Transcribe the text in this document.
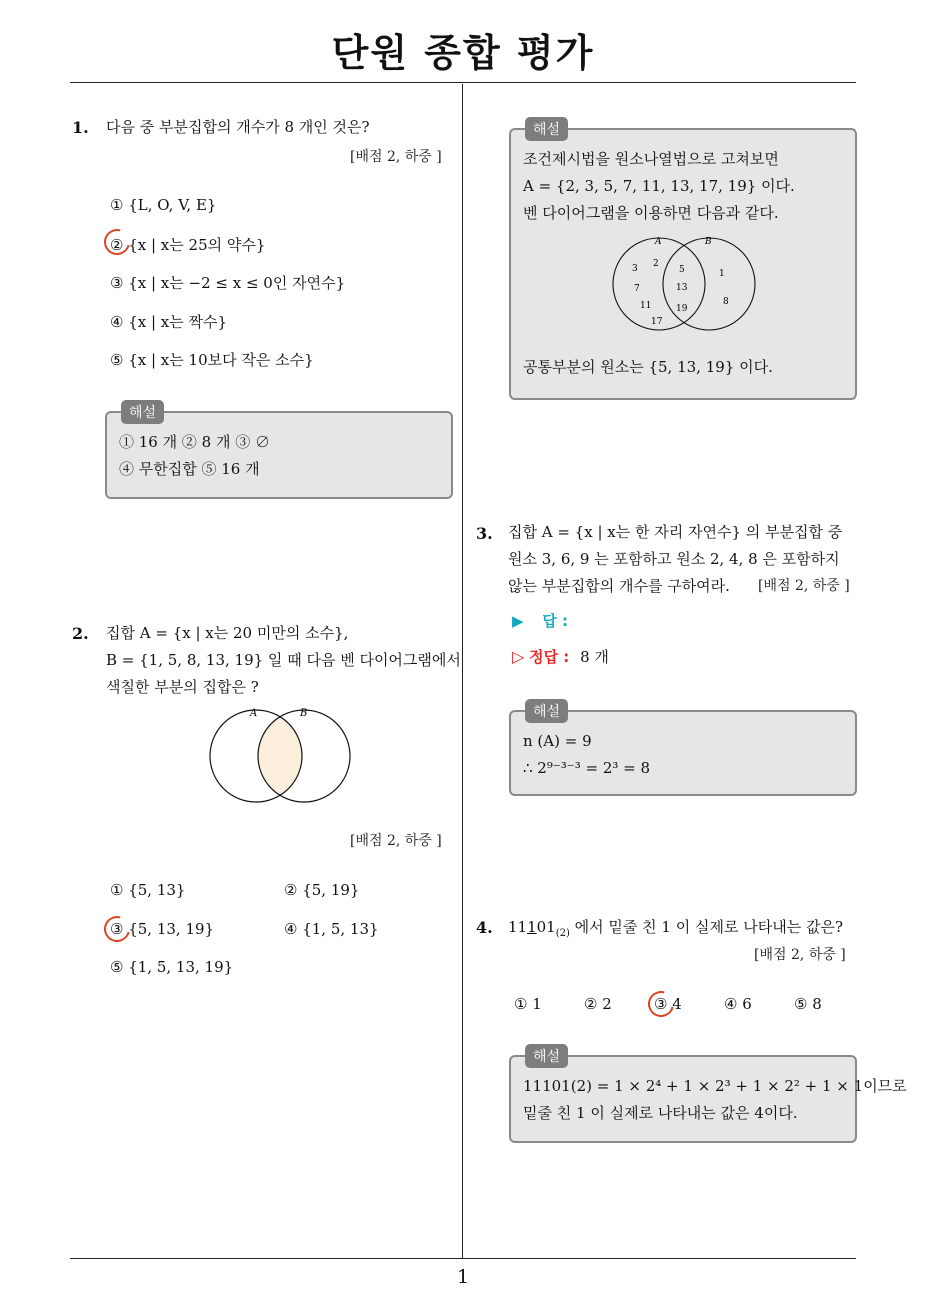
단원 종합 평가
1
1. 다음 중 부분집합의 개수가 8 개인 것은?
[배점 2, 하중 ]
① {L, O, V, E}
② {x | x는 25의 약수}
③ {x | x는 −2 ≤ x ≤ 0인 자연수}
④ {x | x는 짝수}
⑤ {x | x는 10보다 작은 소수}
해설
① 16 개 ② 8 개 ③ ∅
④ 무한집합 ⑤ 16 개
2. 집합 A = {x | x는 20 미만의 소수},
B = {1, 5, 8, 13, 19} 일 때 다음 벤 다이어그램에서
색칠한 부분의 집합은 ?
A	B
[배점 2, 하중 ]
① {5, 13}	② {5, 19}
③ {5, 13, 19}	④ {1, 5, 13}
⑤ {1, 5, 13, 19}
해설
조건제시법을 원소나열법으로 고쳐보면
A = {2, 3, 5, 7, 11, 13, 17, 19} 이다.
벤 다이어그램을 이용하면 다음과 같다.
A	B
3 2
7
11
17
5
13
19
1
8
공통부분의 원소는 {5, 13, 19} 이다.
3. 집합 A = {x | x는 한 자리 자연수} 의 부분집합 중
원소 3, 6, 9 는 포함하고 원소 2, 4, 8 은 포함하지
않는 부분집합의 개수를 구하여라.	[배점 2, 하중 ]
▶ 답 :
▷ 정답 : 8 개
해설
n (A) = 9
∴ 2⁹⁻³⁻³ = 2³ = 8
4. $11101_{(2)}$ 에서 밑줄 친 1 이 실제로 나타내는 값은?
[배점 2, 하중 ]
① 1	② 2	③ 4	④ 6	⑤ 8
해설
11101(2) = 1 × 2⁴ + 1 × 2³ + 1 × 2² + 1 × 1이므로
밑줄 친 1 이 실제로 나타내는 값은 4이다.
